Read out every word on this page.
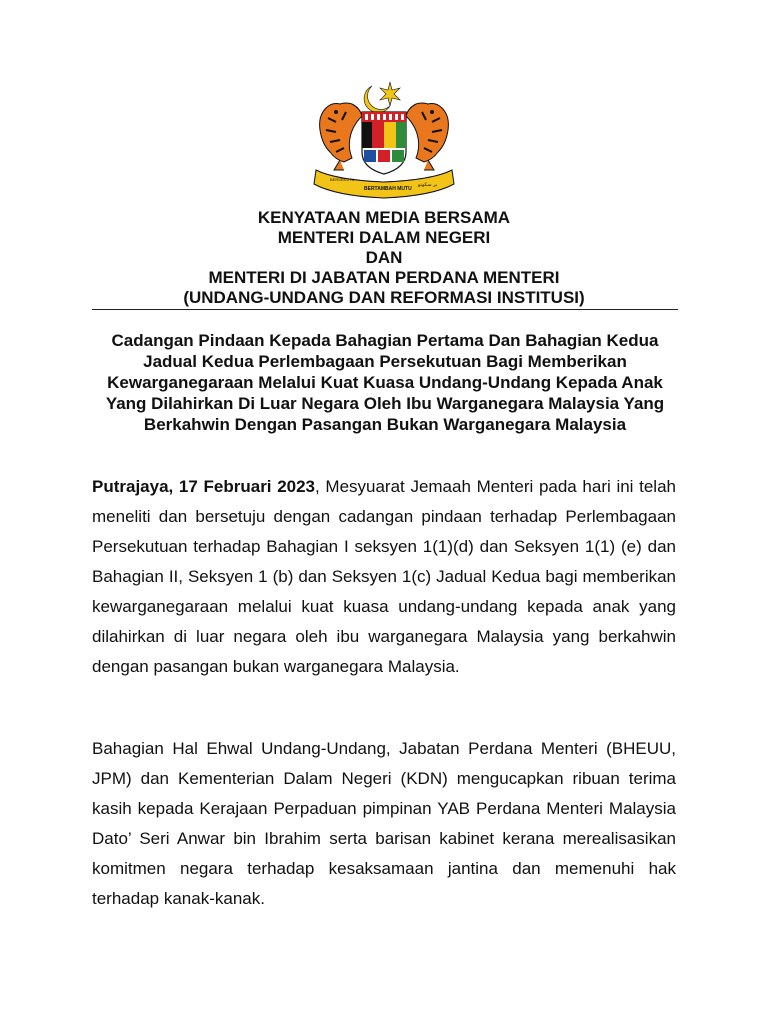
BERSEKUTU
BERTAMBAH MUTU
بر سکوتو
KENYATAAN MEDIA BERSAMA
MENTERI DALAM NEGERI
DAN
MENTERI DI JABATAN PERDANA MENTERI
(UNDANG-UNDANG DAN REFORMASI INSTITUSI)
Cadangan Pindaan Kepada Bahagian Pertama Dan Bahagian Kedua Jadual Kedua Perlembagaan Persekutuan Bagi Memberikan Kewarganegaraan Melalui Kuat Kuasa Undang-Undang Kepada Anak Yang Dilahirkan Di Luar Negara Oleh Ibu Warganegara Malaysia Yang Berkahwin Dengan Pasangan Bukan Warganegara Malaysia
Putrajaya, 17 Februari 2023, Mesyuarat Jemaah Menteri pada hari ini telah meneliti dan bersetuju dengan cadangan pindaan terhadap Perlembagaan Persekutuan terhadap Bahagian I seksyen 1(1)(d) dan Seksyen 1(1) (e) dan Bahagian II, Seksyen 1 (b) dan Seksyen 1(c) Jadual Kedua bagi memberikan kewarganegaraan melalui kuat kuasa undang-undang kepada anak yang dilahirkan di luar negara oleh ibu warganegara Malaysia yang berkahwin dengan pasangan bukan warganegara Malaysia.
Bahagian Hal Ehwal Undang-Undang, Jabatan Perdana Menteri (BHEUU, JPM) dan Kementerian Dalam Negeri (KDN) mengucapkan ribuan terima kasih kepada Kerajaan Perpaduan pimpinan YAB Perdana Menteri Malaysia Dato’ Seri Anwar bin Ibrahim serta barisan kabinet kerana merealisasikan komitmen negara terhadap kesaksamaan jantina dan memenuhi hak terhadap kanak-kanak.
